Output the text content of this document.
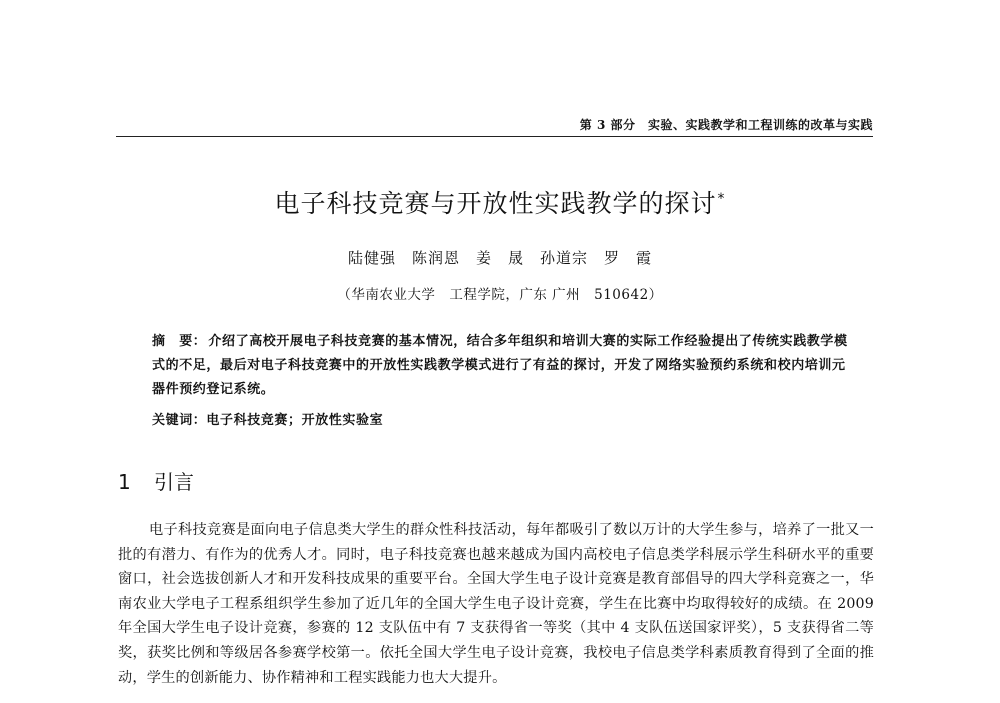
第 3 部分　实验、实践教学和工程训练的改革与实践
电子科技竞赛与开放性实践教学的探讨*
陆健强　陈润恩　姜　晟　孙道宗　罗　霞
（华南农业大学　工程学院，广东 广州　510642）
摘　要： 介绍了高校开展电子科技竞赛的基本情况，结合多年组织和培训大赛的实际工作经验提出了传统实践教学模式的不足，最后对电子科技竞赛中的开放性实践教学模式进行了有益的探讨，开发了网络实验预约系统和校内培训元器件预约登记系统。
关键词：电子科技竞赛；开放性实验室
1 引言
电子科技竞赛是面向电子信息类大学生的群众性科技活动，每年都吸引了数以万计的大学生参与，培养了一批又一批的有潜力、有作为的优秀人才。同时，电子科技竞赛也越来越成为国内高校电子信息类学科展示学生科研水平的重要窗口，社会选拔创新人才和开发科技成果的重要平台。全国大学生电子设计竞赛是教育部倡导的四大学科竞赛之一，华南农业大学电子工程系组织学生参加了近几年的全国大学生电子设计竞赛，学生在比赛中均取得较好的成绩。在 2009 年全国大学生电子设计竞赛，参赛的 12 支队伍中有 7 支获得省一等奖（其中 4 支队伍送国家评奖），5 支获得省二等奖，获奖比例和等级居各参赛学校第一。依托全国大学生电子设计竞赛，我校电子信息类学科素质教育得到了全面的推动，学生的创新能力、协作精神和工程实践能力也大大提升。
